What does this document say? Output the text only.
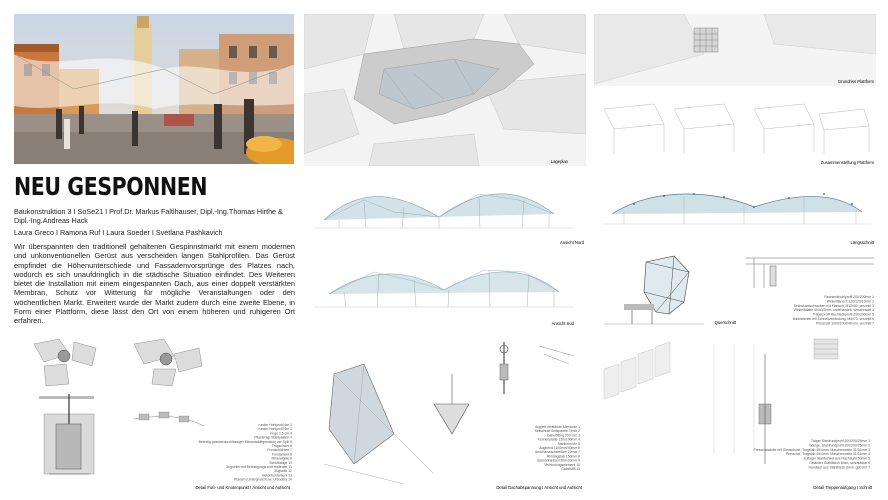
NEU GESPONNEN
Baukonstruktion 3 I SoSe21 I Prof.Dr. Markus Faltlhauser, Dipl.-Ing.Thomas Hirthe & Dipl.-Ing.Andreas Hack
Laura Greco I Ramona Ruf I Laura Soeder I Svetlana Pashkavich
Wir überspannten den traditionell gehaltenen Gespinnstmarkt mit einem modernen und unkonventionellen Gerüst aus verscheiden langen Stahlprofilen. Das Gerüst empfindet die Höhenunterschiede und Fassadenvorsprünge des Platzes nach, wodurch es sich unaufdringlich in die städtische Situation einfindet. Des Weiteren bietet die Installation mit einem eingespannten Dach, aus einer doppelt verstärkten Membran, Schutz vor Witterung für mögliche Veranstaltungen oder den wöchentlichen Markt. Erweitert wurde der Markt zudem durch eine zweite Ebene, in Form einer Plattform, diese lässt den Ort von einem höheren und ruhigeren Ort erfahren.
Lageplan
Grundriss Plattform
Zusammenstellung Plattform
Ansicht Nord	Längsschnitt
Ansicht Süd	Querschnitt
Rechteckhohlprofil 200/200mm 1
Winkelflansch 120/120/10mm 2
Sechskantschrauben mit Flansch, M12x50, verzinkt 3
Winkelfalatte 40/40/2mm, unbehandelt, verschraubt 4
Trägerprofil Rechteckprofil 200/200mm 5
Halbrahmen mit Schnellverbindung, M8x70, verzinkt 6
Pressrost 1000/1000/40mm, verzinkt 7
runder Hohlprofil 6m 1
runder Hohlprofil 6m 2
Fuge 1,5 cm 3
Pflastertyp Stahlplatten 4
Befestig (wasserdurchlässiger Mineralstoffgemisch) ver Split 5
Tragschicht 6
Frostschichten 7
Fundament 8
Mineralgüte 9
Schüttlänge 10
Zugseiler mit Befestigungs und Halteufer 11
Zugseile 12
Betonfundament 13
Planum (Untergrund bzw. Urboden) 14
Detail Fuß- und Knotenpunkt I Ansicht und Aufsicht
doppelt verstärkte Membran 1
Seilschnitt Seilspanbe 7/mm 2
Gabelfitting 200 mm 3
Kennenplatte 120x100mm 4
Stahlrohr/ohr 5
Augbend 1100mm/40mm 6
Anschlussschweißen 22mm 7
Abhängstab 150mm 8
Spanndrahtseil 200x20mm 9
Verbindungselement 10
Gabelstift 11
Detail Dachabspannung I Ansicht und Aufsicht
Träger Stahlrundprofil 200/200/25mm 1
Wange, Stahlrundprofil 200/200/25mm 2
Pressrostatutfe mit Gleitschutzl, Tragstab 45/4mm, Maschenweite 31/31mm 3
Pressrost, Tragstab 45/4mm, Maschenweite 31/31mm 4
Zuflager Stahlwinkel aus Flachstahl 50mm 5
Geländer Stahlblech 6mm, schraubbar 6
Handlauf aus Stahlblech 6mm, gebohrt 7
Detail Treppenaufgang I Schnitt
